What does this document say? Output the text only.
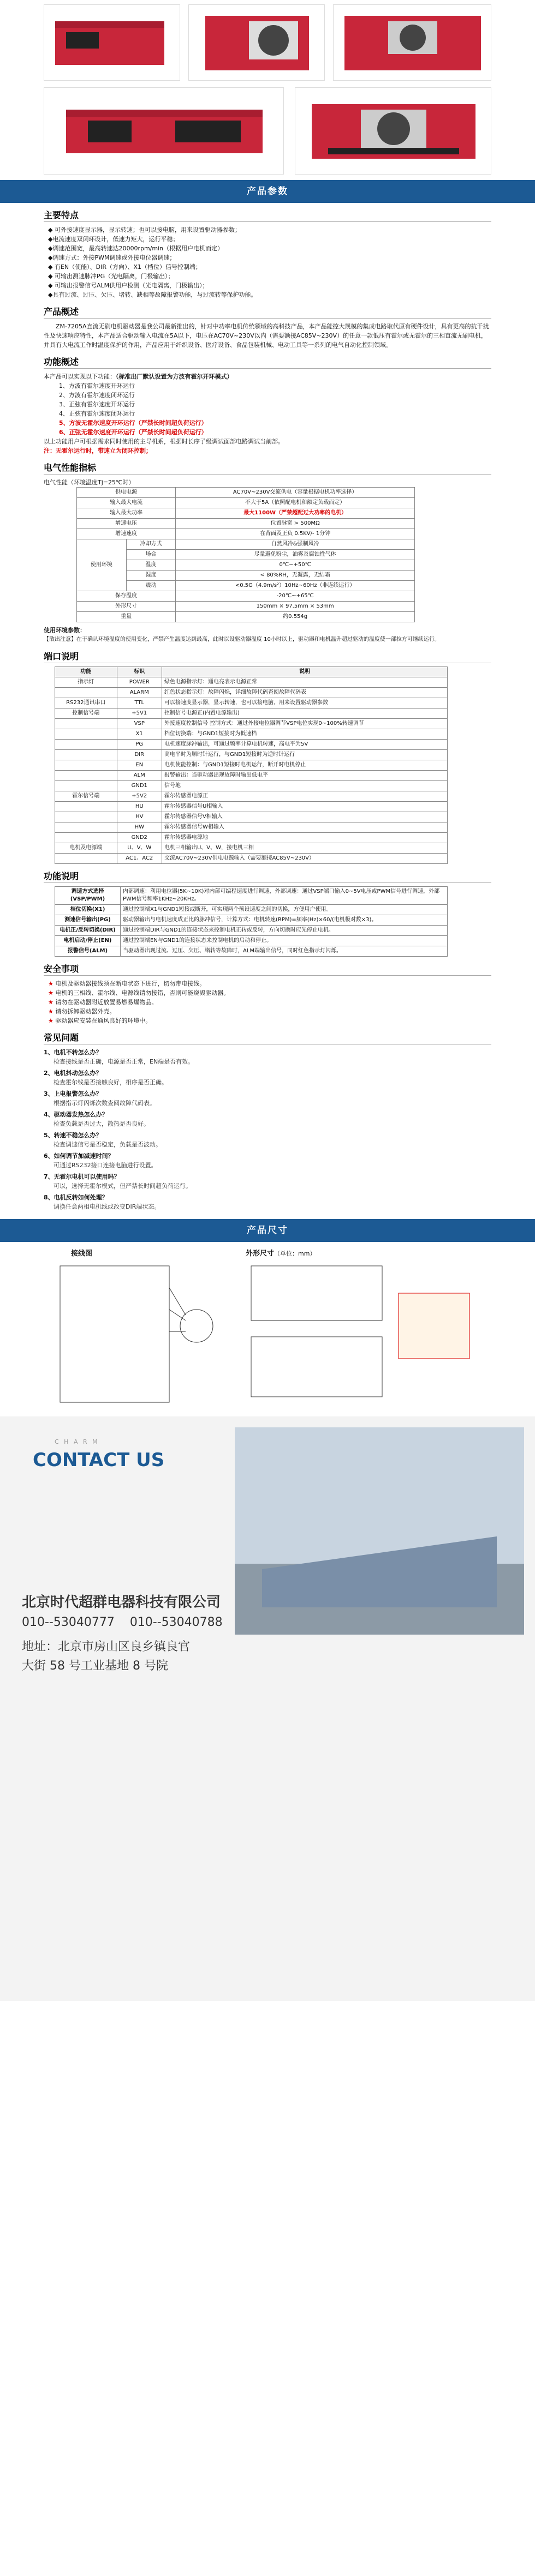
产品参数
主要特点
◆ 可外接速度显示器，显示转速；也可以接电脑，用来设置驱动器参数；
◆电流速度双闭环设计，低速力矩大，运行平稳；
◆调速范围宽，最高转速达20000rpm/min（根据用户电机而定）
◆调速方式：外接PWM调速或外接电位器调速；
◆ 有EN（使能）、DIR（方向）、X1（档位）信号控制端；
◆ 可输出测速脉冲PG（光电隔离，门极输出）；
◆ 可输出报警信号ALM供用户检测（光电隔离，门极输出）；
◆具有过流、过压、欠压、堵转、缺相等故障报警功能，与过流转等保护功能。
产品概述

ZM-7205A直流无刷电机驱动器是我公司最新推出的，针对中功率电机传统领域的高科技产品，本产品能控大规模的集成电路取代原有硬件设计，具有更高的抗干扰性及快速响应特性，本产品适合驱动输入电流在5A以下，电压在AC70V~230V以内（需要额接AC85V~230V）的任意一款低压有霍尔或无霍尔的三相直流无刷电机，并具有大电流工作时温度保护的作用，产品应用于纤织设备、医疗设备、食品包装机械、电动工具等一系列的电气自动化控制领域。

功能概述

本产品可以实现以下功能：（标准出厂默认设置为方波有霍尔开环模式）

1、方波有霍尔速度开环运行
2、方波有霍尔速度闭环运行
3、正弦有霍尔速度开环运行
4、正弦有霍尔速度闭环运行
5、方波无霍尔速度开环运行（严禁长时间超负荷运行）
6、正弦无霍尔速度开环运行（严禁长时间超负荷运行）

以上功能用户可根据需求同时使用的主导机系，根据时长序子级调试面部电路调试当前部。

注：无霍尔运行时，带速立为闭环控制；

电气性能指标

电气性能（环境温度Tj=25℃时）

供电电源		AC70V~230V交流供电（容量根据电机功率选择）
输入最大电流		不大于5A（依照配电机和额定负载而定）
输入最大功率		最大1100W（严禁超配过大功率的电机）
增速电压		位置脉宽 > 500MΩ
增速速度		在背面及正负 0.5KV/- 1分钟
使用环境	冷却方式	自然风冷&强制风冷
	场合	尽量避免粉尘，油雾及腐蚀性气体
	温度	0℃~+50℃
	湿度	< 80%RH，无凝露，无结霜
	震动	<0.5G（4.9m/s²）10Hz~60Hz（非连续运行）
保存温度		-20℃~+65℃
外形尺寸		150mm × 97.5mm × 53mm
重量		约0.554g

使用环境参数：

【散出注意】在于确认环境温度的使用变化，严禁产生温度达到最高，此时以设驱动器温度 10小时以上，驱动器和电机温升超过驱动的温度使一部拉方可继续运行。

端口说明
功能	标识	说明
指示灯	POWER	绿色电源指示灯：通电亮表示电源正常
	ALARM	红色状态指示灯：故障闪烁，详细故障代码查阅故障代码表
RS232通讯串口	TTL	可以接速度显示器，显示转速，也可以接电脑，用来设置驱动器参数
控制信号端	+5V1	控制信号电源正(内置电源输出)
	VSP	外接速度控制信号 控制方式：通过外接电位器调节VSP电位实现0~100%转速调节
	X1	档位切换端：与GND1短接时为低速档
	PG	电机速度脉冲输出，可通过频率计算电机转速，高电平为5V
	DIR	高电平时为顺时针运行，与GND1短接时为逆时针运行
	EN	电机使能控制：与GND1短接时电机运行，断开时电机停止
	ALM	报警输出：当驱动器出现故障时输出低电平
	GND1	信号地
霍尔信号端	+5V2	霍尔传感器电源正
	HU	霍尔传感器信号U相输入
	HV	霍尔传感器信号V相输入
	HW	霍尔传感器信号W相输入
	GND2	霍尔传感器电源地
电机及电源端	U、V、W	电机三相输出U、V、W，接电机三相
	AC1、AC2	交流AC70V~230V供电电源输入（需要额接AC85V~230V）
功能说明
调速方式选择(VSP/PWM)	内部调速：利用电位器(5K~10K)对内部可编程速度进行调速，外部调速：通过VSP端口输入0~5V电压或PWM信号进行调速，外部PWM信号频率1KHz~20KHz。
档位切换(X1)	通过控制端X1与GND1短接或断开，可实现两个预设速度之间的切换，方便用户使用。
测速信号输出(PG)	驱动器输出与电机速度成正比的脉冲信号，计算方式：电机转速(RPM)=频率(Hz)×60/(电机极对数×3)。
电机正/反转切换(DIR)	通过控制端DIR与GND1的连接状态来控制电机正转或反转，方向切换时应先停止电机。
电机启动/停止(EN)	通过控制端EN与GND1的连接状态来控制电机的启动和停止。
报警信号(ALM)	当驱动器出现过流、过压、欠压、堵转等故障时，ALM端输出信号，同时红色指示灯闪烁。
安全事项
★ 电机及驱动器接线须在断电状态下进行，切勿带电接线。
★ 电机的三相线、霍尔线、电源线请勿接错，否则可能烧毁驱动器。
★ 请勿在驱动器附近放置易燃易爆物品。
★ 请勿拆卸驱动器外壳。
★ 驱动器应安装在通风良好的环境中。
常见问题
1、电机不转怎么办？
检查接线是否正确，电源是否正常，EN端是否有效。
2、电机抖动怎么办？
检查霍尔线是否接触良好，相序是否正确。
3、上电报警怎么办？
根据指示灯闪烁次数查阅故障代码表。
4、驱动器发热怎么办？
检查负载是否过大，散热是否良好。
5、转速不稳怎么办？
检查调速信号是否稳定，负载是否波动。
6、如何调节加减速时间？
可通过RS232接口连接电脑进行设置。
7、无霍尔电机可以使用吗？
可以，选择无霍尔模式，但严禁长时间超负荷运行。
8、电机反转如何处理？
调换任意两相电机线或改变DIR端状态。
产品尺寸
接线图	外形尺寸（单位：mm）
C H A R M
CONTACT US
北京时代超群电器科技有限公司
010--53040777    010--53040788
地址：北京市房山区良乡镇良官
大街 58 号工业基地 8 号院
